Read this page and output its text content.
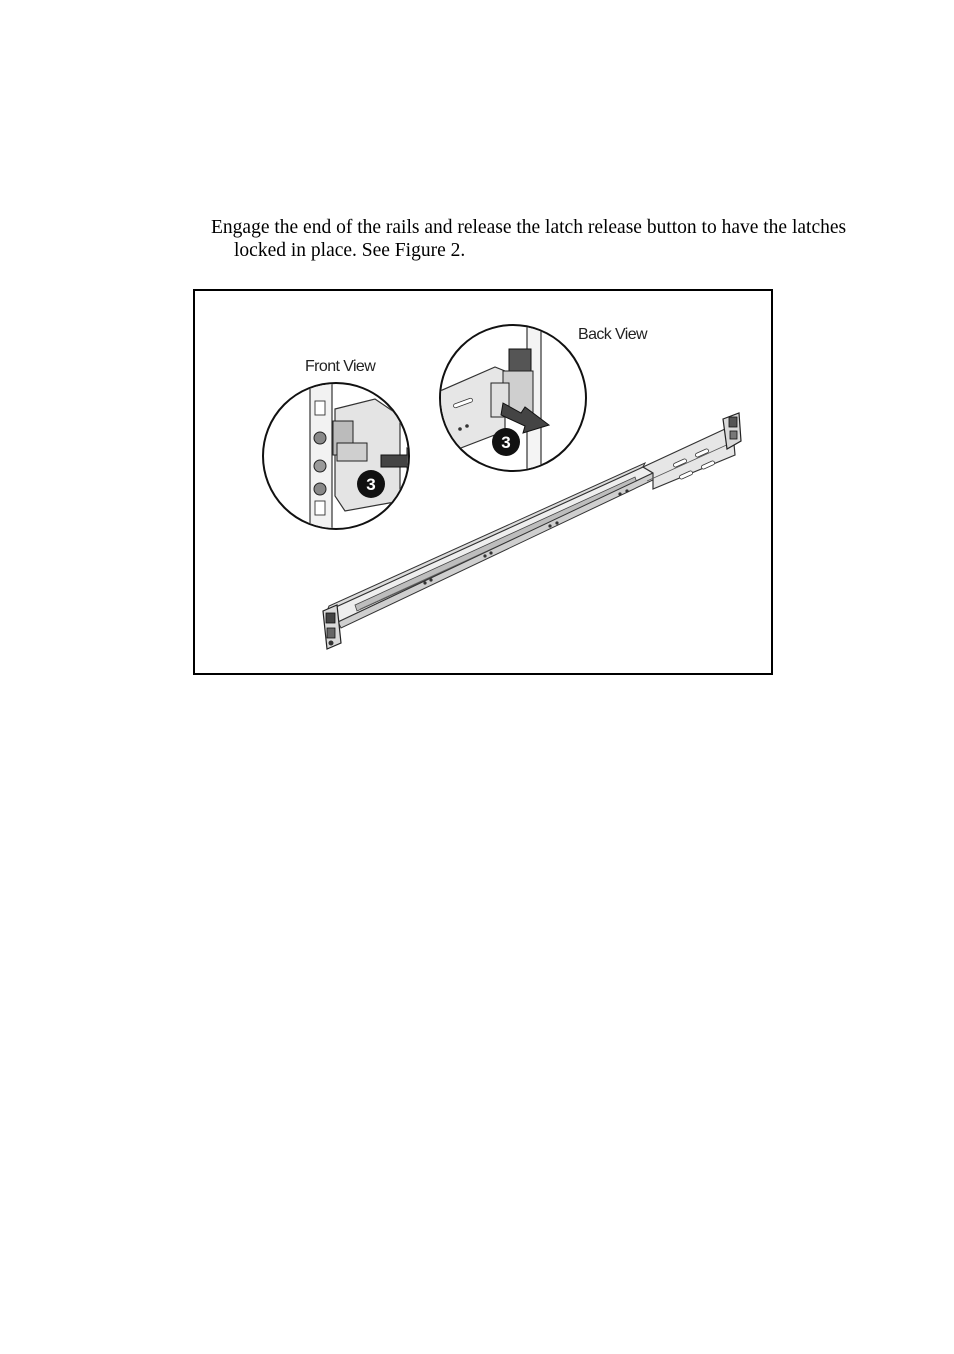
Engage the end of the rails and release the latch release button to have the latches locked in place. See Figure 2.

3
Front View
3
Back View
